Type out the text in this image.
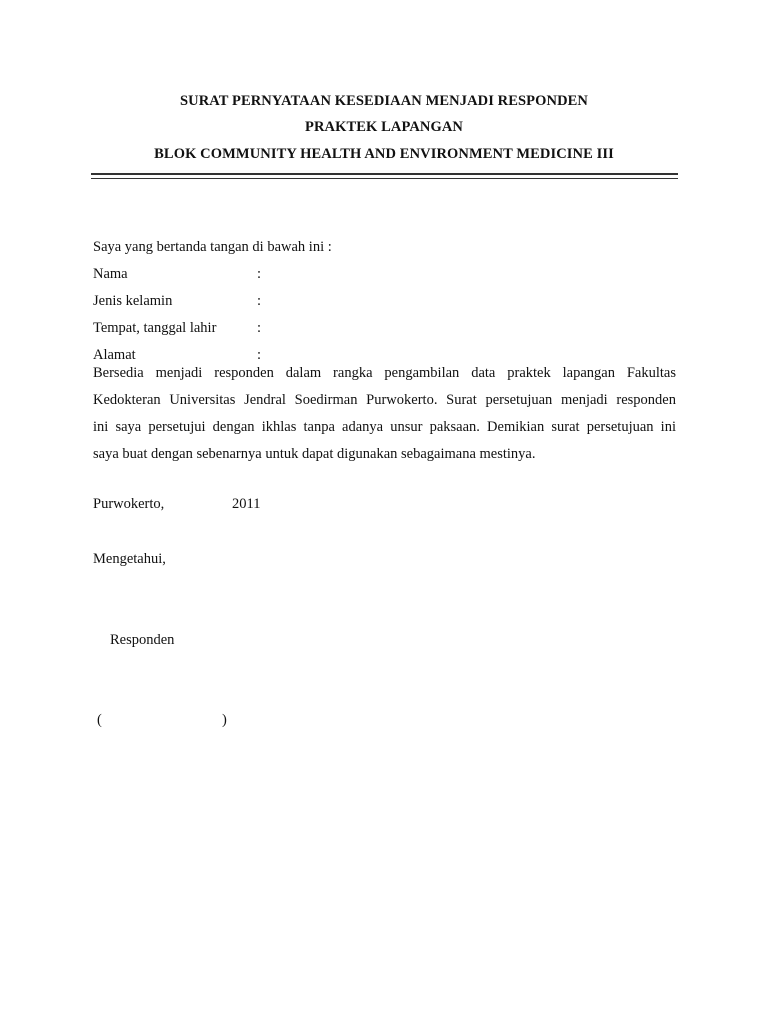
SURAT PERNYATAAN KESEDIAAN MENJADI RESPONDEN
PRAKTEK LAPANGAN
BLOK COMMUNITY HEALTH AND ENVIRONMENT MEDICINE III
Saya yang bertanda tangan di bawah ini :
Nama	:
Jenis kelamin	:
Tempat, tanggal lahir	:
Alamat	:
Bersedia menjadi responden dalam rangka pengambilan data praktek lapangan Fakultas
Kedokteran Universitas Jendral Soedirman Purwokerto. Surat persetujuan menjadi responden
ini saya persetujui dengan ikhlas tanpa adanya unsur paksaan. Demikian surat persetujuan ini
saya buat dengan sebenarnya untuk dapat digunakan sebagaimana mestinya.
Purwokerto,	2011
Mengetahui,
Responden
(	)
